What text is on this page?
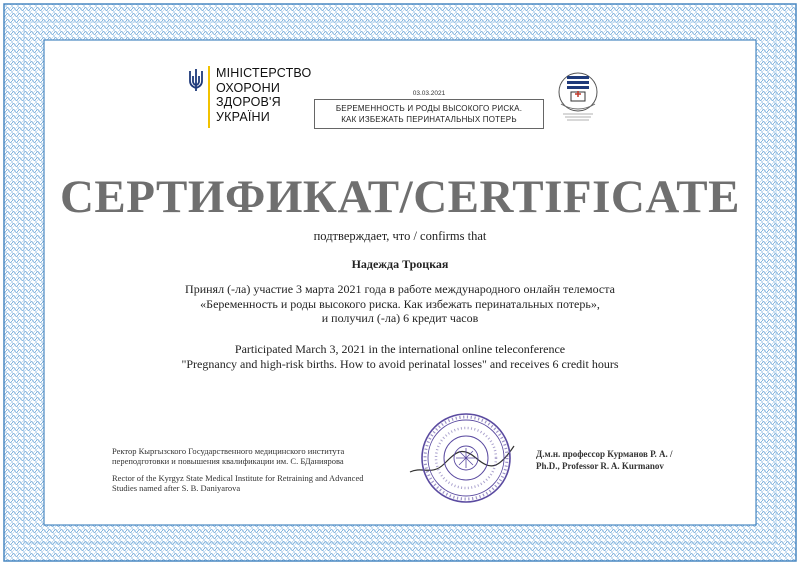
МІНІСТЕРСТВО
ОХОРОНИ
ЗДОРОВ'Я
УКРАЇНИ
03.03.2021
БЕРЕМЕННОСТЬ И РОДЫ ВЫСОКОГО РИСКА.
КАК ИЗБЕЖАТЬ ПЕРИНАТАЛЬНЫХ ПОТЕРЬ
СЕРТИФИКАТ/CERTIFICATE
подтверждает, что / confirms that
Надежда Троцкая
Принял (-ла) участие 3 марта 2021 года в работе международного онлайн телемоста
«Беременность и роды высокого риска. Как избежать перинатальных потерь»,
и получил (-ла) 6 кредит часов
Participated March 3, 2021 in the international online teleconference
"Pregnancy and high-risk births. How to avoid perinatal losses" and receives 6 credit hours

Ректор Кыргызского Государственного медицинского института

переподготовки и повышения квалификации им. С. БДаниярова

Rector of the Kyrgyz State Medical Institute for Retraining and Advanced

Studies named after S. B. Daniyarova

Д.м.н. профессор Курманов Р. А. /

Ph.D., Professor R. A. Kurmanov
